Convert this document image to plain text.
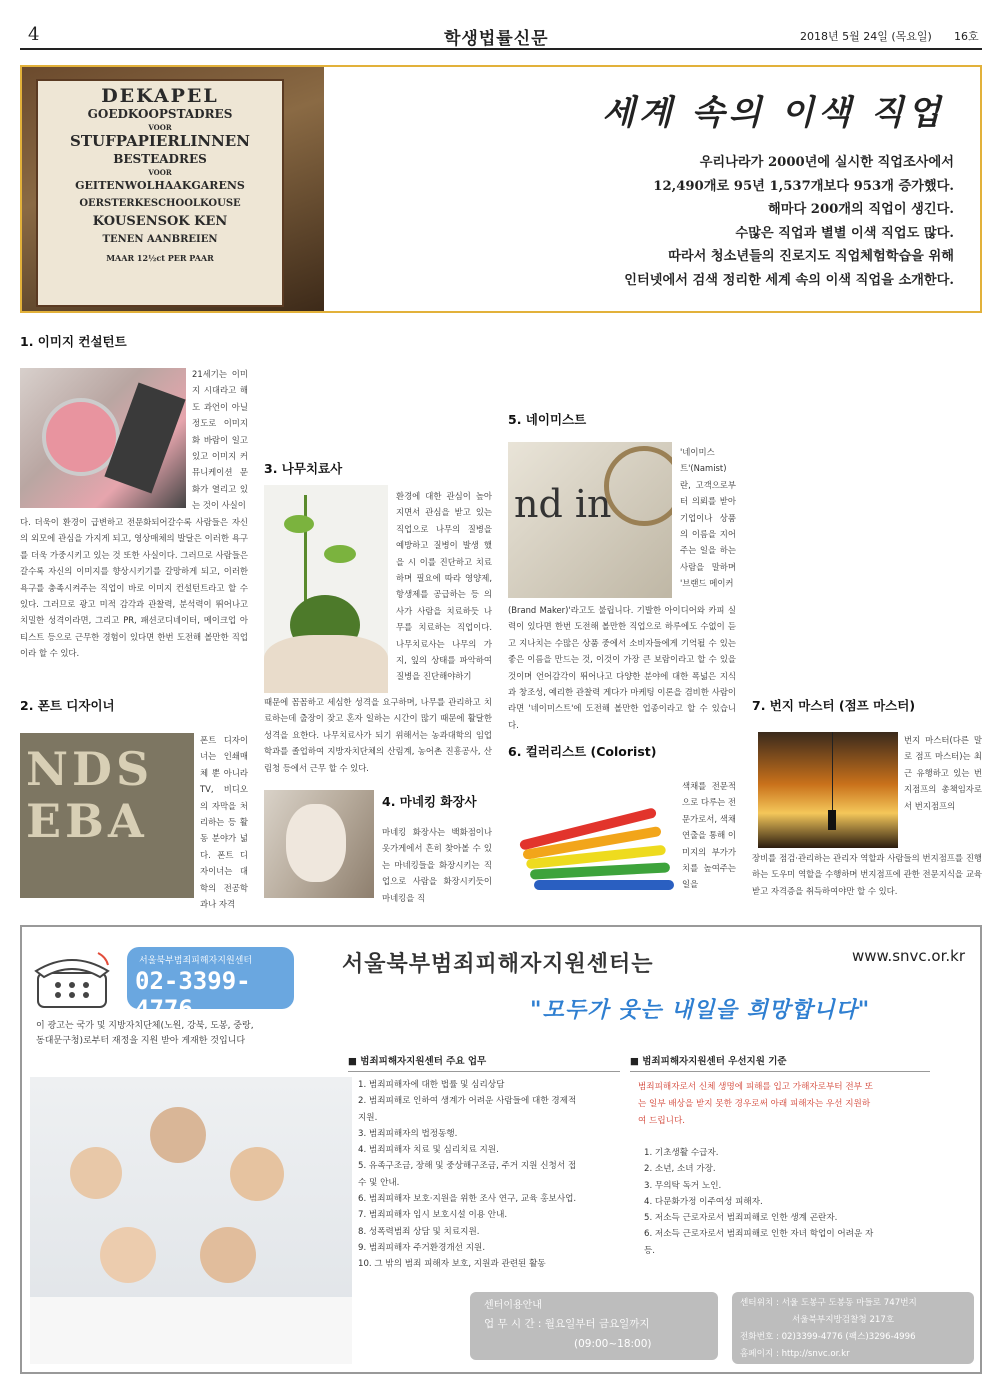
4	학생법률신문	2018년 5월 24일 (목요일) 16호
DEKAPEL
GOEDKOOPSTADRES
VOOR
STUFPAPIERLINNEN
BESTEADRES
VOOR
GEITENWOLHAAKGARENS
OERSTERKESCHOOLKOUSE
KOUSENSOK KEN
TENEN AANBREIEN
MAAR 12½ct PER PAAR
세계 속의 이색 직업
우리나라가 2000년에 실시한 직업조사에서
12,490개로 95년 1,537개보다 953개 증가했다.
해마다 200개의 직업이 생긴다.
수많은 직업과 별별 이색 직업도 많다.
따라서 청소년들의 진로지도 직업체험학습을 위해
인터넷에서 검색 정리한 세계 속의 이색 직업을 소개한다.
1. 이미지 컨설턴트
21세기는 이미지 시대라고 해도 과언이 아닐 정도로 이미지화 바람이 일고 있고 이미지 커뮤니케이션 문화가 열리고 있는 것이 사실이
다. 더욱이 환경이 급변하고 전문화되어갈수록 사람들은 자신의 외모에 관심을 가지게 되고, 영상매체의 발달은 이러한 욕구를 더욱 가중시키고 있는 것 또한 사실이다. 그러므로 사람들은 갈수록 자신의 이미지를 향상시키기를 갈망하게 되고, 이러한 욕구를 충족시켜주는 직업이 바로 이미지 컨설턴트라고 할 수 있다. 그러므로 광고 미적 감각과 관찰력, 분석력이 뛰어나고 치밀한 성격이라면, 그리고 PR, 패션코디네이터, 메이크업 아티스트 등으로 근무한 경험이 있다면 한번 도전해 볼만한 직업이라 할 수 있다.
2. 폰트 디자이너
NDS
EBA
폰트 디자이너는 인쇄매체 뿐 아니라 TV, 비디오의 자막을 처리하는 등 활동 분야가 넓다. 폰트 디자이너는 대학의 전공학과나 자격
3. 나무치료사
환경에 대한 관심이 높아지면서 관심을 받고 있는 직업으로 나무의 질병을 예방하고 질병이 발생 했을 시 이를 진단하고 치료하며 필요에 따라 영양제, 항생제를 공급하는 등 의사가 사람을 치료하듯 나무를 치료하는 직업이다. 나무치료사는 나무의 가지, 잎의 상태를 파악하여 질병을 진단해야하기
때문에 꼼꼼하고 세심한 성격을 요구하며, 나무를 관리하고 치료하는데 출장이 잦고 혼자 일하는 시간이 많기 때문에 활달한 성격을 요한다. 나무치료사가 되기 위해서는 농과대학의 임업학과를 졸업하여 지방자치단체의 산림계, 농어촌 진흥공사, 산림청 등에서 근무 할 수 있다.
4. 마네킹 화장사
마네킹 화장사는 백화점이나 옷가게에서 흔히 찾아볼 수 있는 마네킹들을 화장시키는 직업으로 사람을 화장시키듯이 마네킹을 직
5. 네이미스트
nd in
'네이미스트'(Namist)란, 고객으로부터 의뢰를 받아 기업이나 상품의 이름을 지어주는 일을 하는 사람을 말하며 '브랜드 메이커
(Brand Maker)'라고도 불립니다. 기발한 아이디어와 카피 실력이 있다면 한번 도전해 볼만한 직업으로 하루에도 수없이 듣고 지나치는 수많은 상품 중에서 소비자들에게 기억될 수 있는 좋은 이름을 만드는 것, 이것이 가장 큰 보람이라고 할 수 있을 것이며 언어감각이 뛰어나고 다양한 분야에 대한 폭넓은 지식과 창조성, 예리한 관찰력 게다가 마케팅 이론을 겸비한 사람이라면 '네이미스트'에 도전해 볼만한 업종이라고 할 수 있습니다.
6. 컬러리스트 (Colorist)
색채를 전문적으로 다루는 전문가로서, 색채 연출을 통해 이미지의 부가가치를 높여주는 일을
7. 번지 마스터 (점프 마스터)
번지 마스터(다른 말로 점프 마스터)는 최근 유행하고 있는 번지점프의 총책임자로서 번지점프의
장비를 점검·관리하는 관리자 역할과 사람들의 번지점프를 진행하는 도우미 역할을 수행하며 번지점프에 관한 전문지식을 교육받고 자격증을 취득하여야만 할 수 있다.
서울북부범죄피해자지원센터
02-3399-4776
이 광고는 국가 및 지방자치단체(노원, 강북, 도봉, 중랑, 동대문구청)로부터 재정을 지원 받아 게재한 것입니다
서울북부범죄피해자지원센터는
"모두가 웃는 내일을 희망합니다"
www.snvc.or.kr
■ 범죄피해자지원센터 주요 업무
1. 범죄피해자에 대한 법률 및 심리상담
2. 범죄피해로 인하여 생계가 어려운 사람들에 대한 경제적 지원.
3. 범죄피해자의 법정동행.
4. 범죄피해자 치료 및 심리치료 지원.
5. 유족구조금, 장해 및 중상해구조금, 주거 지원 신청서 접수 및 안내.
6. 범죄피해자 보호·지원을 위한 조사 연구, 교육 홍보사업.
7. 범죄피해자 임시 보호시설 이용 안내.
8. 성폭력범죄 상담 및 치료지원.
9. 범죄피해자 주거환경개선 지원.
10. 그 밖의 범죄 피해자 보호, 지원과 관련된 활동
■ 범죄피해자지원센터 우선지원 기준
범죄피해자로서 신체 생명에 피해를 입고 가해자로부터 전부 또는 일부 배상을 받지 못한 경우로써 아래 피해자는 우선 지원하여 드립니다.
1. 기초생활 수급자.
2. 소년, 소녀 가장.
3. 무의탁 독거 노인.
4. 다문화가정 이주여성 피해자.
5. 저소득 근로자로서 범죄피해로 인한 생계 곤란자.
6. 저소득 근로자로서 범죄피해로 인한 자녀 학업이 어려운 자 등.
센터이용안내
업 무 시 간 : 월요일부터 금요일까지
(09:00~18:00)
센터위치 : 서울 도봉구 도봉동 마들로 747번지
서울북부지방검찰청 217호
전화번호 : 02)3399-4776 (팩스)3296-4996
홈페이지 : http://snvc.or.kr
